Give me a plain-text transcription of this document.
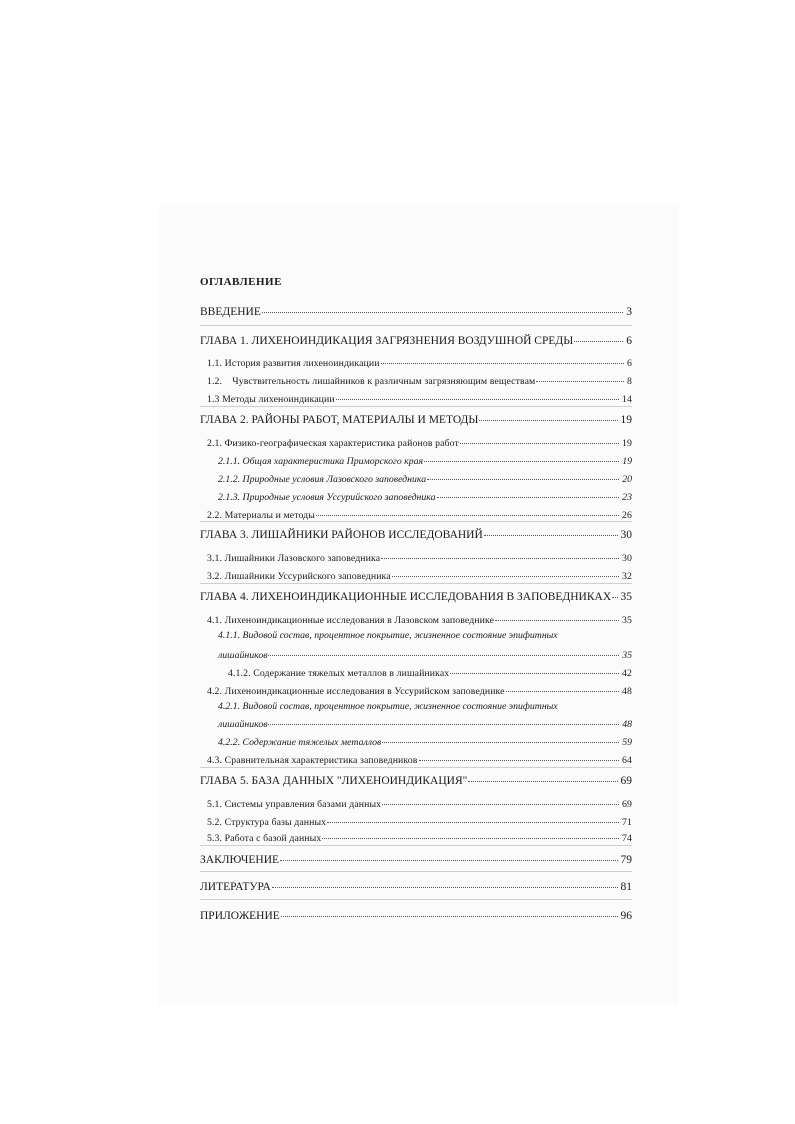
ОГЛАВЛЕНИЕ
ВВЕДЕНИЕ	3
ГЛАВА 1. ЛИХЕНОИНДИКАЦИЯ ЗАГРЯЗНЕНИЯ ВОЗДУШНОЙ СРЕДЫ	6
1.1. История развития лихеноиндикации	6
1.2.    Чувствительность лишайников к различным загрязняющим веществам	8
1.3 Методы лихеноиндикации	14
ГЛАВА 2. РАЙОНЫ РАБОТ, МАТЕРИАЛЫ И МЕТОДЫ	19
2.1. Физико-географическая характеристика районов работ	19
2.1.1. Общая характеристика Приморского края	19
2.1.2. Природные условия Лазовского заповедника	20
2.1.3. Природные условия Уссурийского заповедника	23
2.2. Материалы и методы	26
ГЛАВА 3. ЛИШАЙНИКИ РАЙОНОВ ИССЛЕДОВАНИЙ	30
3.1. Лишайники Лазовского заповедника	30
3.2. Лишайники Уссурийского заповедника	32
ГЛАВА 4. ЛИХЕНОИНДИКАЦИОННЫЕ ИССЛЕДОВАНИЯ В ЗАПОВЕДНИКАХ 35
4.1. Лихеноиндикационные исследования в Лазовском заповеднике	35
4.1.1. Видовой состав, процентное покрытие, жизненное состояние эпифитных
лишайников	35
4.1.2. Содержание тяжелых металлов в лишайниках	42
4.2. Лихеноиндикационные исследования в Уссурийском заповеднике	48
4.2.1. Видовой состав, процентное покрытие, жизненное состояние эпифитных
лишайников	48
4.2.2. Содержание тяжелых металлов	59
4.3. Сравнительная характеристика заповедников	64
ГЛАВА 5. БАЗА ДАННЫХ "ЛИХЕНОИНДИКАЦИЯ"	69
5.1. Системы управления базами данных	69
5.2. Структура базы данных	71
5.3. Работа с базой данных	74
ЗАКЛЮЧЕНИЕ	79
ЛИТЕРАТУРА	81
ПРИЛОЖЕНИЕ	96
